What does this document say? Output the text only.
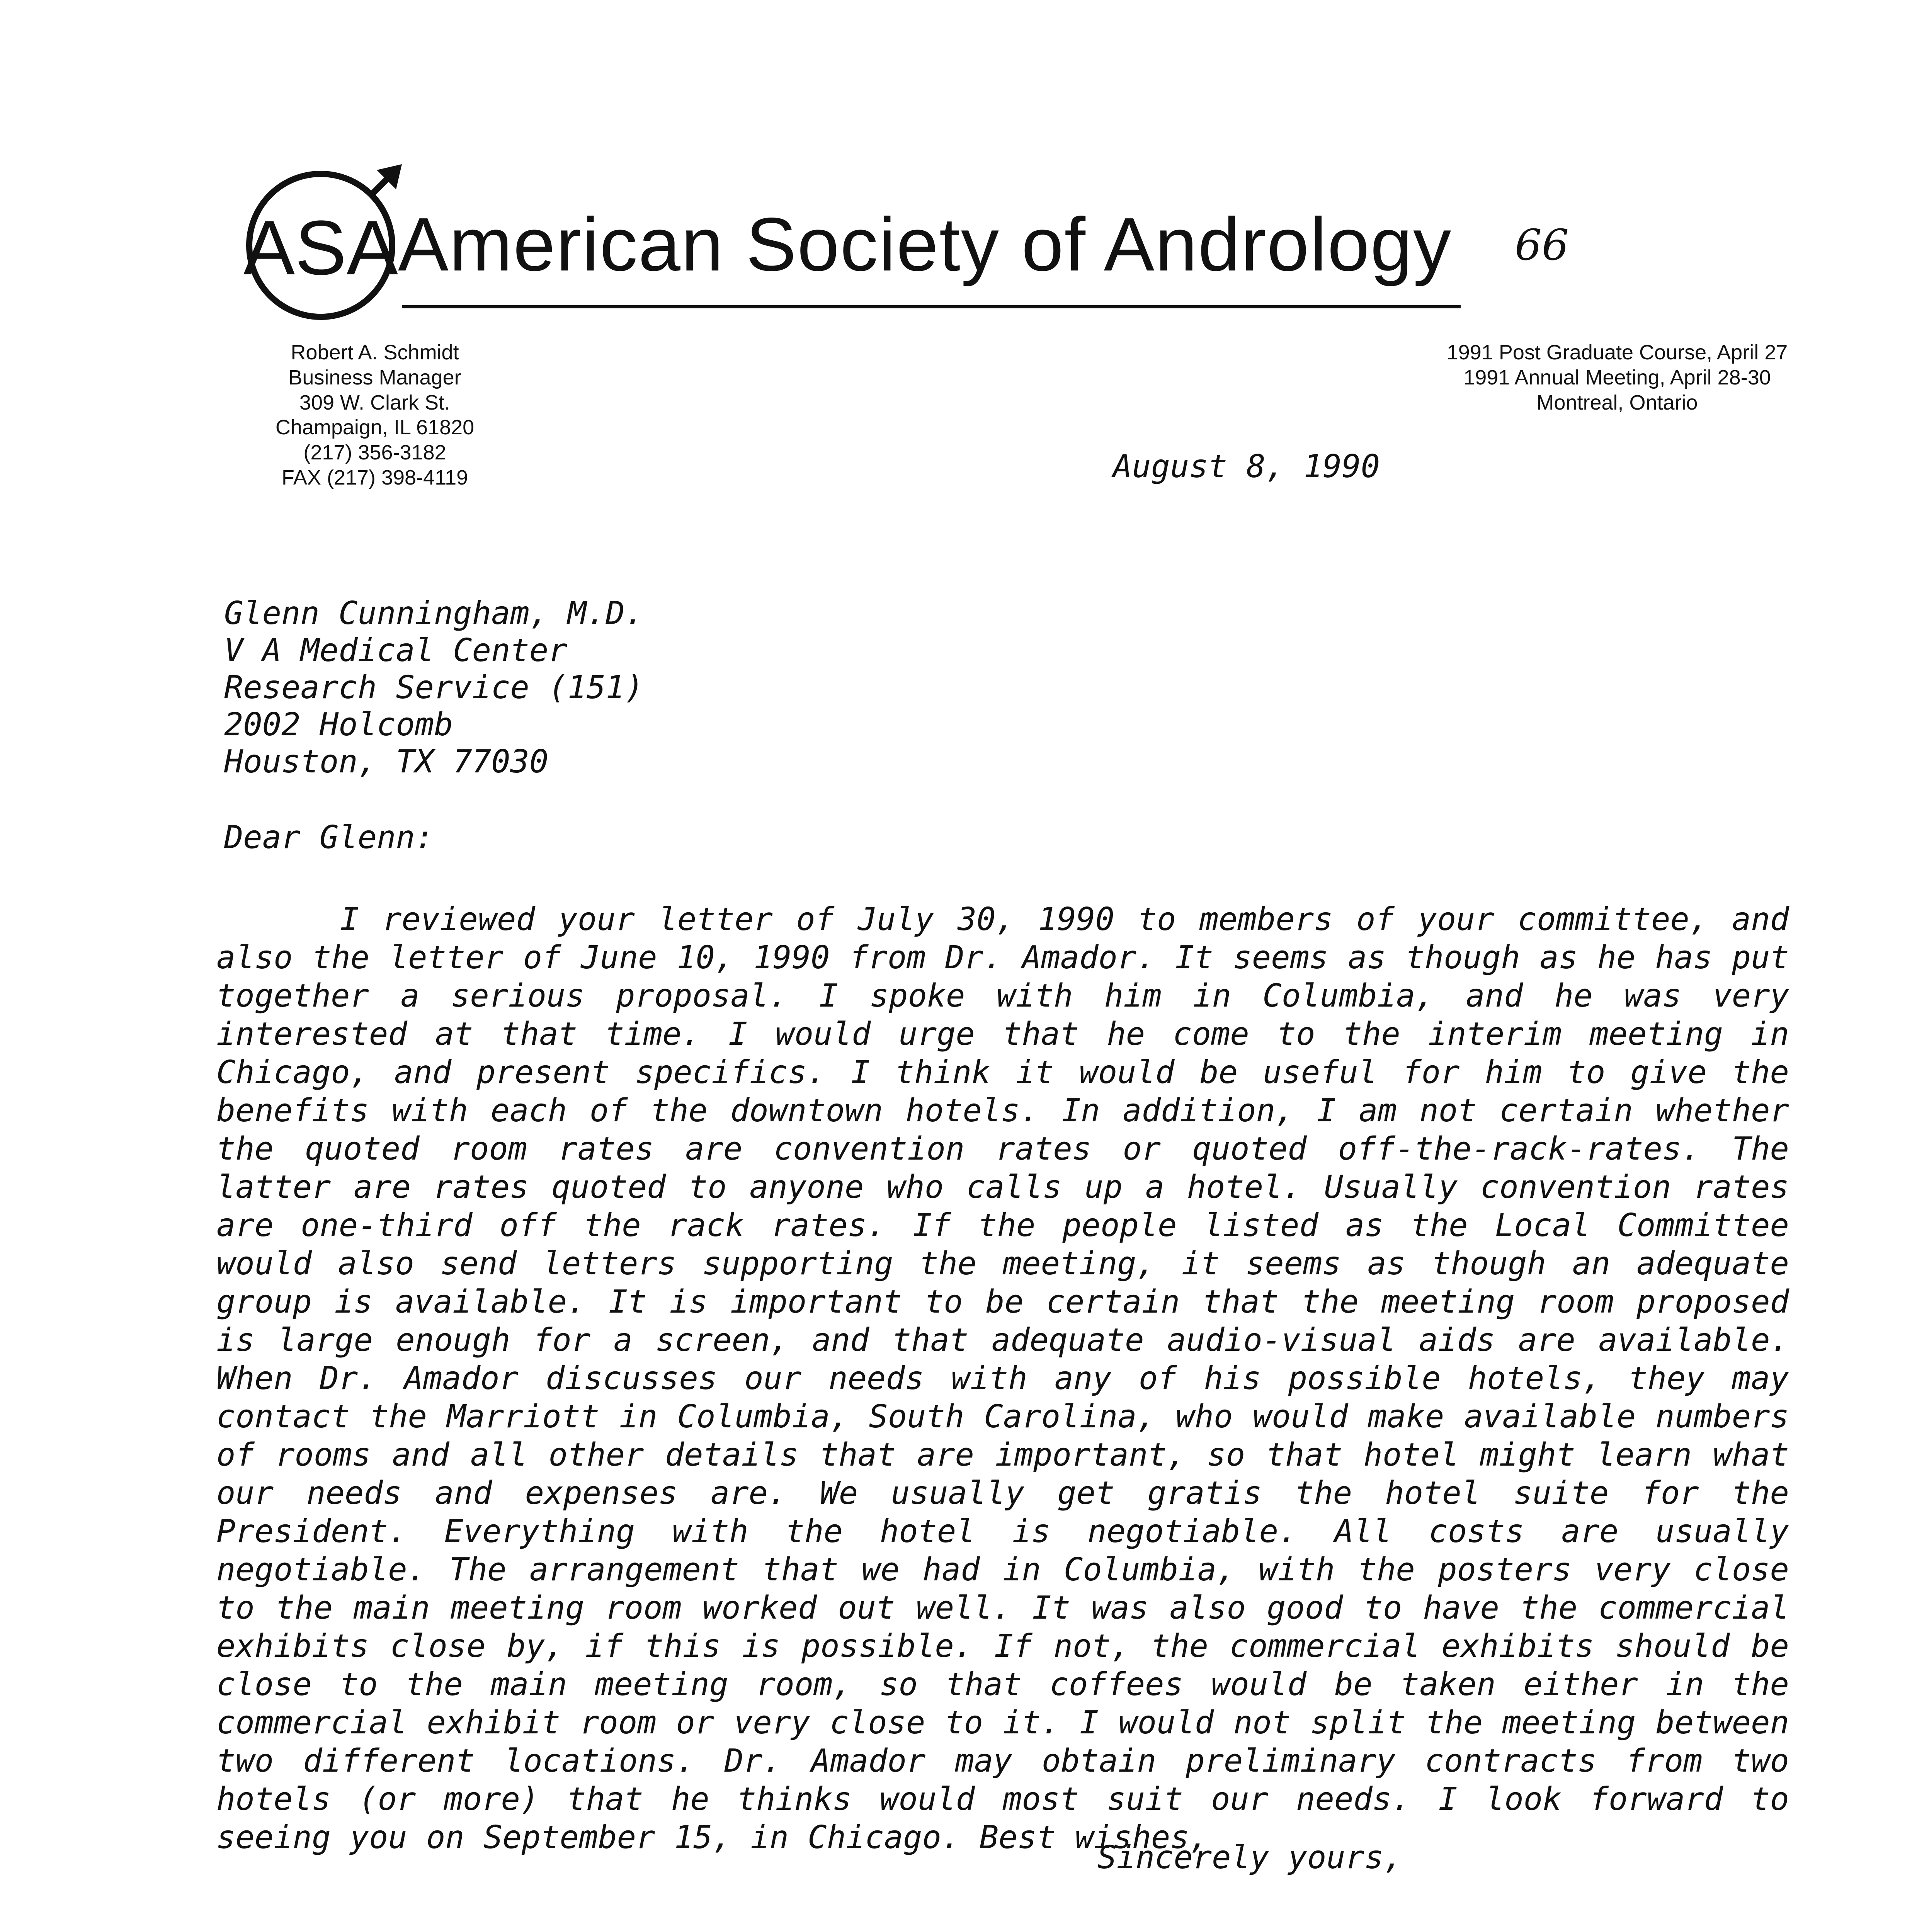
ASA American Society of Andrology 66
Robert A. Schmidt
Business Manager
309 W. Clark St.
Champaign, IL 61820
(217) 356-3182
FAX (217) 398-4119
1991 Post Graduate Course, April 27
1991 Annual Meeting, April 28-30
Montreal, Ontario
August 8, 1990
Glenn Cunningham, M.D.
V A Medical Center
Research Service (151)
2002 Holcomb
Houston, TX 77030
Dear Glenn:
I reviewed your letter of July 30, 1990 to members of your committee, and also the letter of June 10, 1990 from Dr. Amador. It seems as though as he has put together a serious proposal. I spoke with him in Columbia, and he was very interested at that time. I would urge that he come to the interim meeting in Chicago, and present specifics. I think it would be useful for him to give the benefits with each of the downtown hotels. In addition, I am not certain whether the quoted room rates are convention rates or quoted off-the-rack-rates. The latter are rates quoted to anyone who calls up a hotel. Usually convention rates are one-third off the rack rates. If the people listed as the Local Committee would also send letters supporting the meeting, it seems as though an adequate group is available. It is important to be certain that the meeting room proposed is large enough for a screen, and that adequate audio-visual aids are available. When Dr. Amador discusses our needs with any of his possible hotels, they may contact the Marriott in Columbia, South Carolina, who would make available numbers of rooms and all other details that are important, so that hotel might learn what our needs and expenses are. We usually get gratis the hotel suite for the President. Everything with the hotel is negotiable. All costs are usually negotiable. The arrangement that we had in Columbia, with the posters very close to the main meeting room worked out well. It was also good to have the commercial exhibits close by, if this is possible. If not, the commercial exhibits should be close to the main meeting room, so that coffees would be taken either in the commercial exhibit room or very close to it. I would not split the meeting between two different locations. Dr. Amador may obtain preliminary contracts from two hotels (or more) that he thinks would most suit our needs. I look forward to seeing you on September 15, in Chicago. Best wishes,
Sincerely yours,
